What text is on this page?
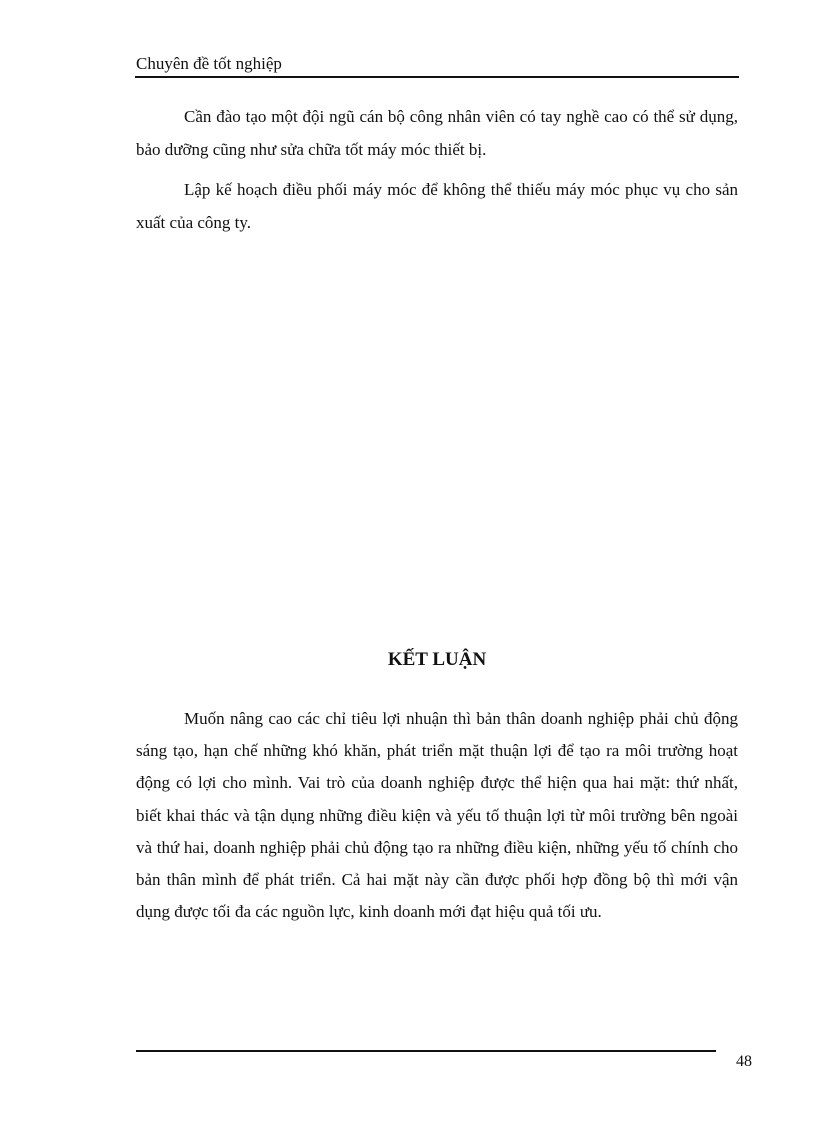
Chuyên đề tốt nghiệp

Cần đào tạo một đội ngũ cán bộ công nhân viên có tay nghề cao có thể sử dụng, bảo dưỡng cũng như sửa chữa tốt máy móc thiết bị.

Lập kế hoạch điều phối máy móc để không thể thiếu máy móc phục vụ cho sản xuất của công ty.

KẾT LUẬN

Muốn nâng cao các chỉ tiêu lợi nhuận thì bản thân doanh nghiệp phải chủ động sáng tạo, hạn chế những khó khăn, phát triển mặt thuận lợi để tạo ra môi trường hoạt động có lợi cho mình. Vai trò của doanh nghiệp được thể hiện qua hai mặt: thứ nhất, biết khai thác và tận dụng những điều kiện và yếu tố thuận lợi từ môi trường bên ngoài và thứ hai, doanh nghiệp phải chủ động tạo ra những điều kiện, những yếu tố chính cho bản thân mình để phát triển. Cả hai mặt này cần được phối hợp đồng bộ thì mới vận dụng được tối đa các nguồn lực, kinh doanh mới đạt hiệu quả tối ưu.

48
